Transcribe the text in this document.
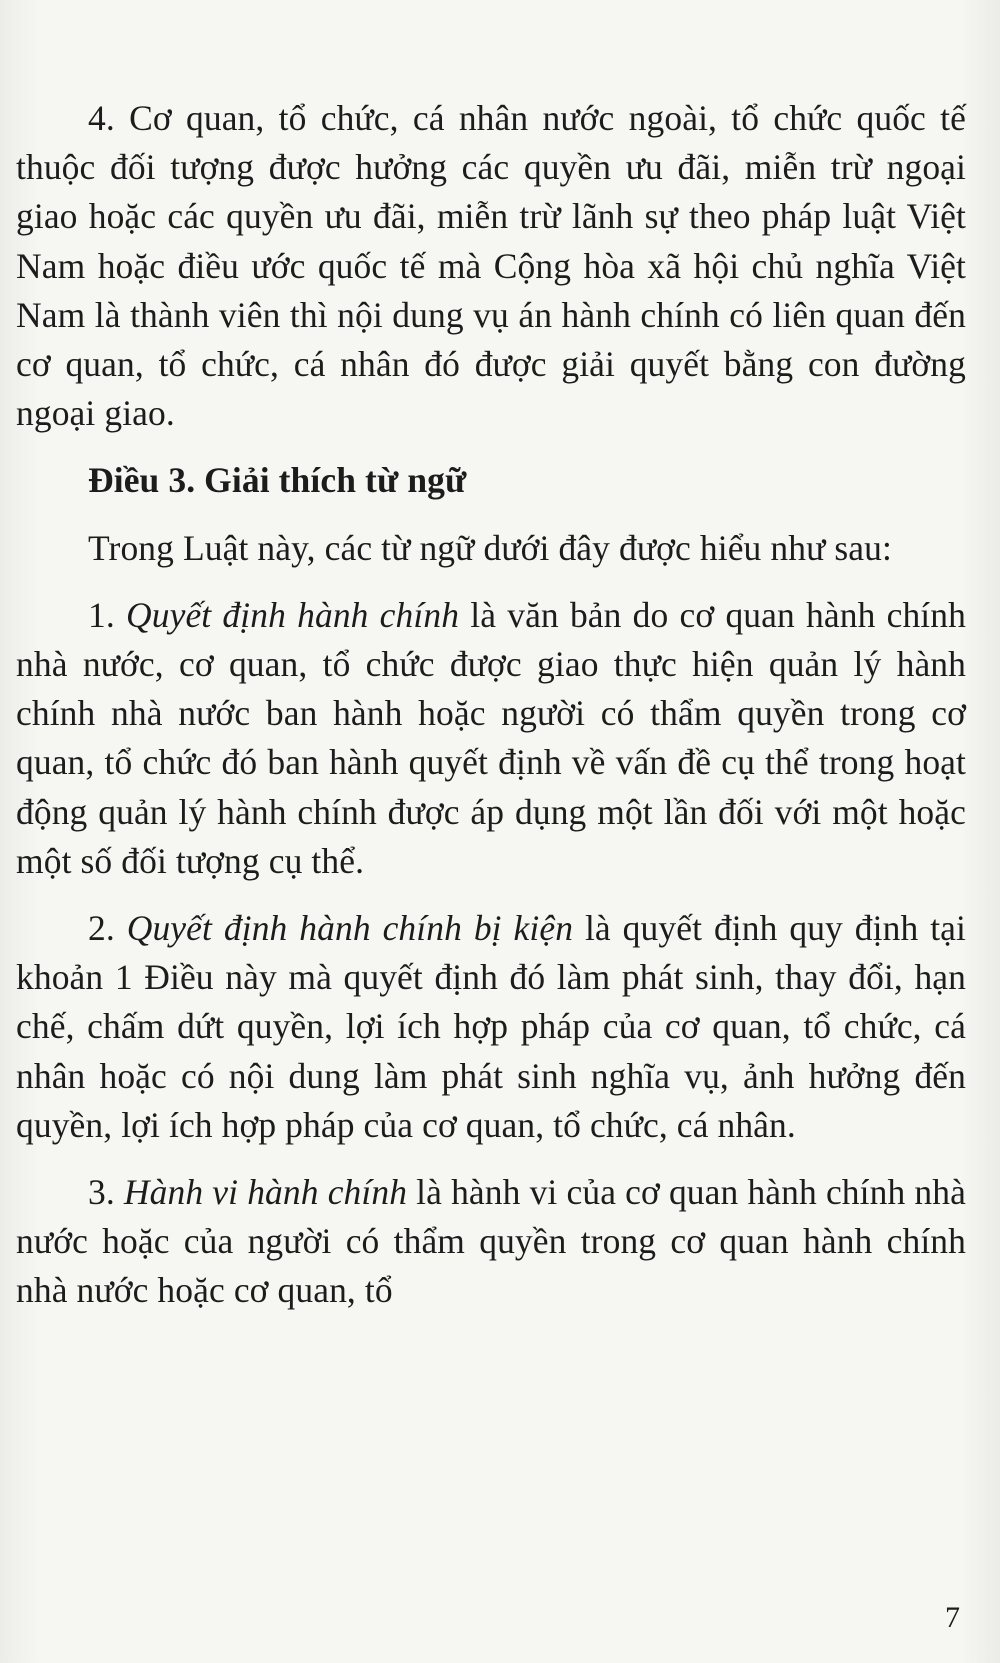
4. Cơ quan, tổ chức, cá nhân nước ngoài, tổ chức quốc tế thuộc đối tượng được hưởng các quyền ưu đãi, miễn trừ ngoại giao hoặc các quyền ưu đãi, miễn trừ lãnh sự theo pháp luật Việt Nam hoặc điều ước quốc tế mà Cộng hòa xã hội chủ nghĩa Việt Nam là thành viên thì nội dung vụ án hành chính có liên quan đến cơ quan, tổ chức, cá nhân đó được giải quyết bằng con đường ngoại giao.

Điều 3. Giải thích từ ngữ

Trong Luật này, các từ ngữ dưới đây được hiểu như sau:

1. Quyết định hành chính là văn bản do cơ quan hành chính nhà nước, cơ quan, tổ chức được giao thực hiện quản lý hành chính nhà nước ban hành hoặc người có thẩm quyền trong cơ quan, tổ chức đó ban hành quyết định về vấn đề cụ thể trong hoạt động quản lý hành chính được áp dụng một lần đối với một hoặc một số đối tượng cụ thể.

2. Quyết định hành chính bị kiện là quyết định quy định tại khoản 1 Điều này mà quyết định đó làm phát sinh, thay đổi, hạn chế, chấm dứt quyền, lợi ích hợp pháp của cơ quan, tổ chức, cá nhân hoặc có nội dung làm phát sinh nghĩa vụ, ảnh hưởng đến quyền, lợi ích hợp pháp của cơ quan, tổ chức, cá nhân.

3. Hành vi hành chính là hành vi của cơ quan hành chính nhà nước hoặc của người có thẩm quyền trong cơ quan hành chính nhà nước hoặc cơ quan, tổ

7
